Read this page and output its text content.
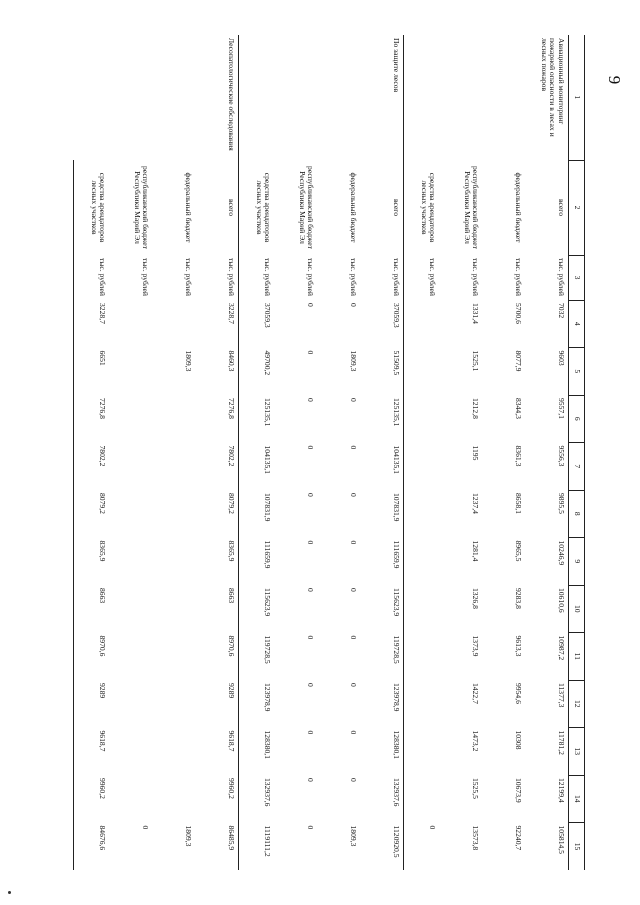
9
1	2	3	4	5	6	7	8	9	10	11	12	13	14	15
Авиационный мониторинг пожарной опасности в лесах и лесных пожаров	всего	тыс. рублей	7032	9603	9557,1	9556,3	9895,5	10246,9	10610,6	10987,2	11377,3	11781,2	12199,4	105814,5
	федеральный бюджет	тыс. рублей	5700,6	8077,9	8344,3	8361,3	8658,1	8965,5	9283,8	9613,3	9954,6	10308	10673,9	92240,7
	республиканский бюджет Республики Марий Эл	тыс. рублей	1331,4	1525,1	1212,8	1195	1237,4	1281,4	1326,8	1373,9	1422,7	1473,2	1525,5	13573,8
	средства арендаторов лесных участков	тыс. рублей												0
По защите лесов	всего	тыс. рублей	37059,3	51509,5	125135,1	104135,1	107831,9	111659,9	115623,9	119728,5	123978,9	128380,1	132937,6	1120920,5
	федеральный бюджет	тыс. рублей	0	1809,3	0	0	0	0	0	0	0	0	0	1809,3
	республиканский бюджет Республики Марий Эл	тыс. рублей	0	0	0	0	0	0	0	0	0	0	0	0
	средства арендаторов лесных участков	тыс. рублей	37059,3	49700,2	125135,1	104135,1	107831,9	111659,9	115623,9	119728,5	123978,9	128380,1	132937,6	1119111,2
Лесопатологические обследования	всего	тыс. рублей	3228,7	8460,3	7276,8	7802,2	8079,2	8365,9	8663	8970,6	9289	9618,7	9960,2	86485,9
	федеральный бюджет	тыс. рублей		1809,3										1809,3
	республиканский бюджет Республики Марий Эл	тыс. рублей												0
	средства арендаторов лесных участков	тыс. рублей	3228,7	6651	7276,8	7802,2	8079,2	8365,9	8663	8970,6	9289	9618,7	9960,2	84676,6
